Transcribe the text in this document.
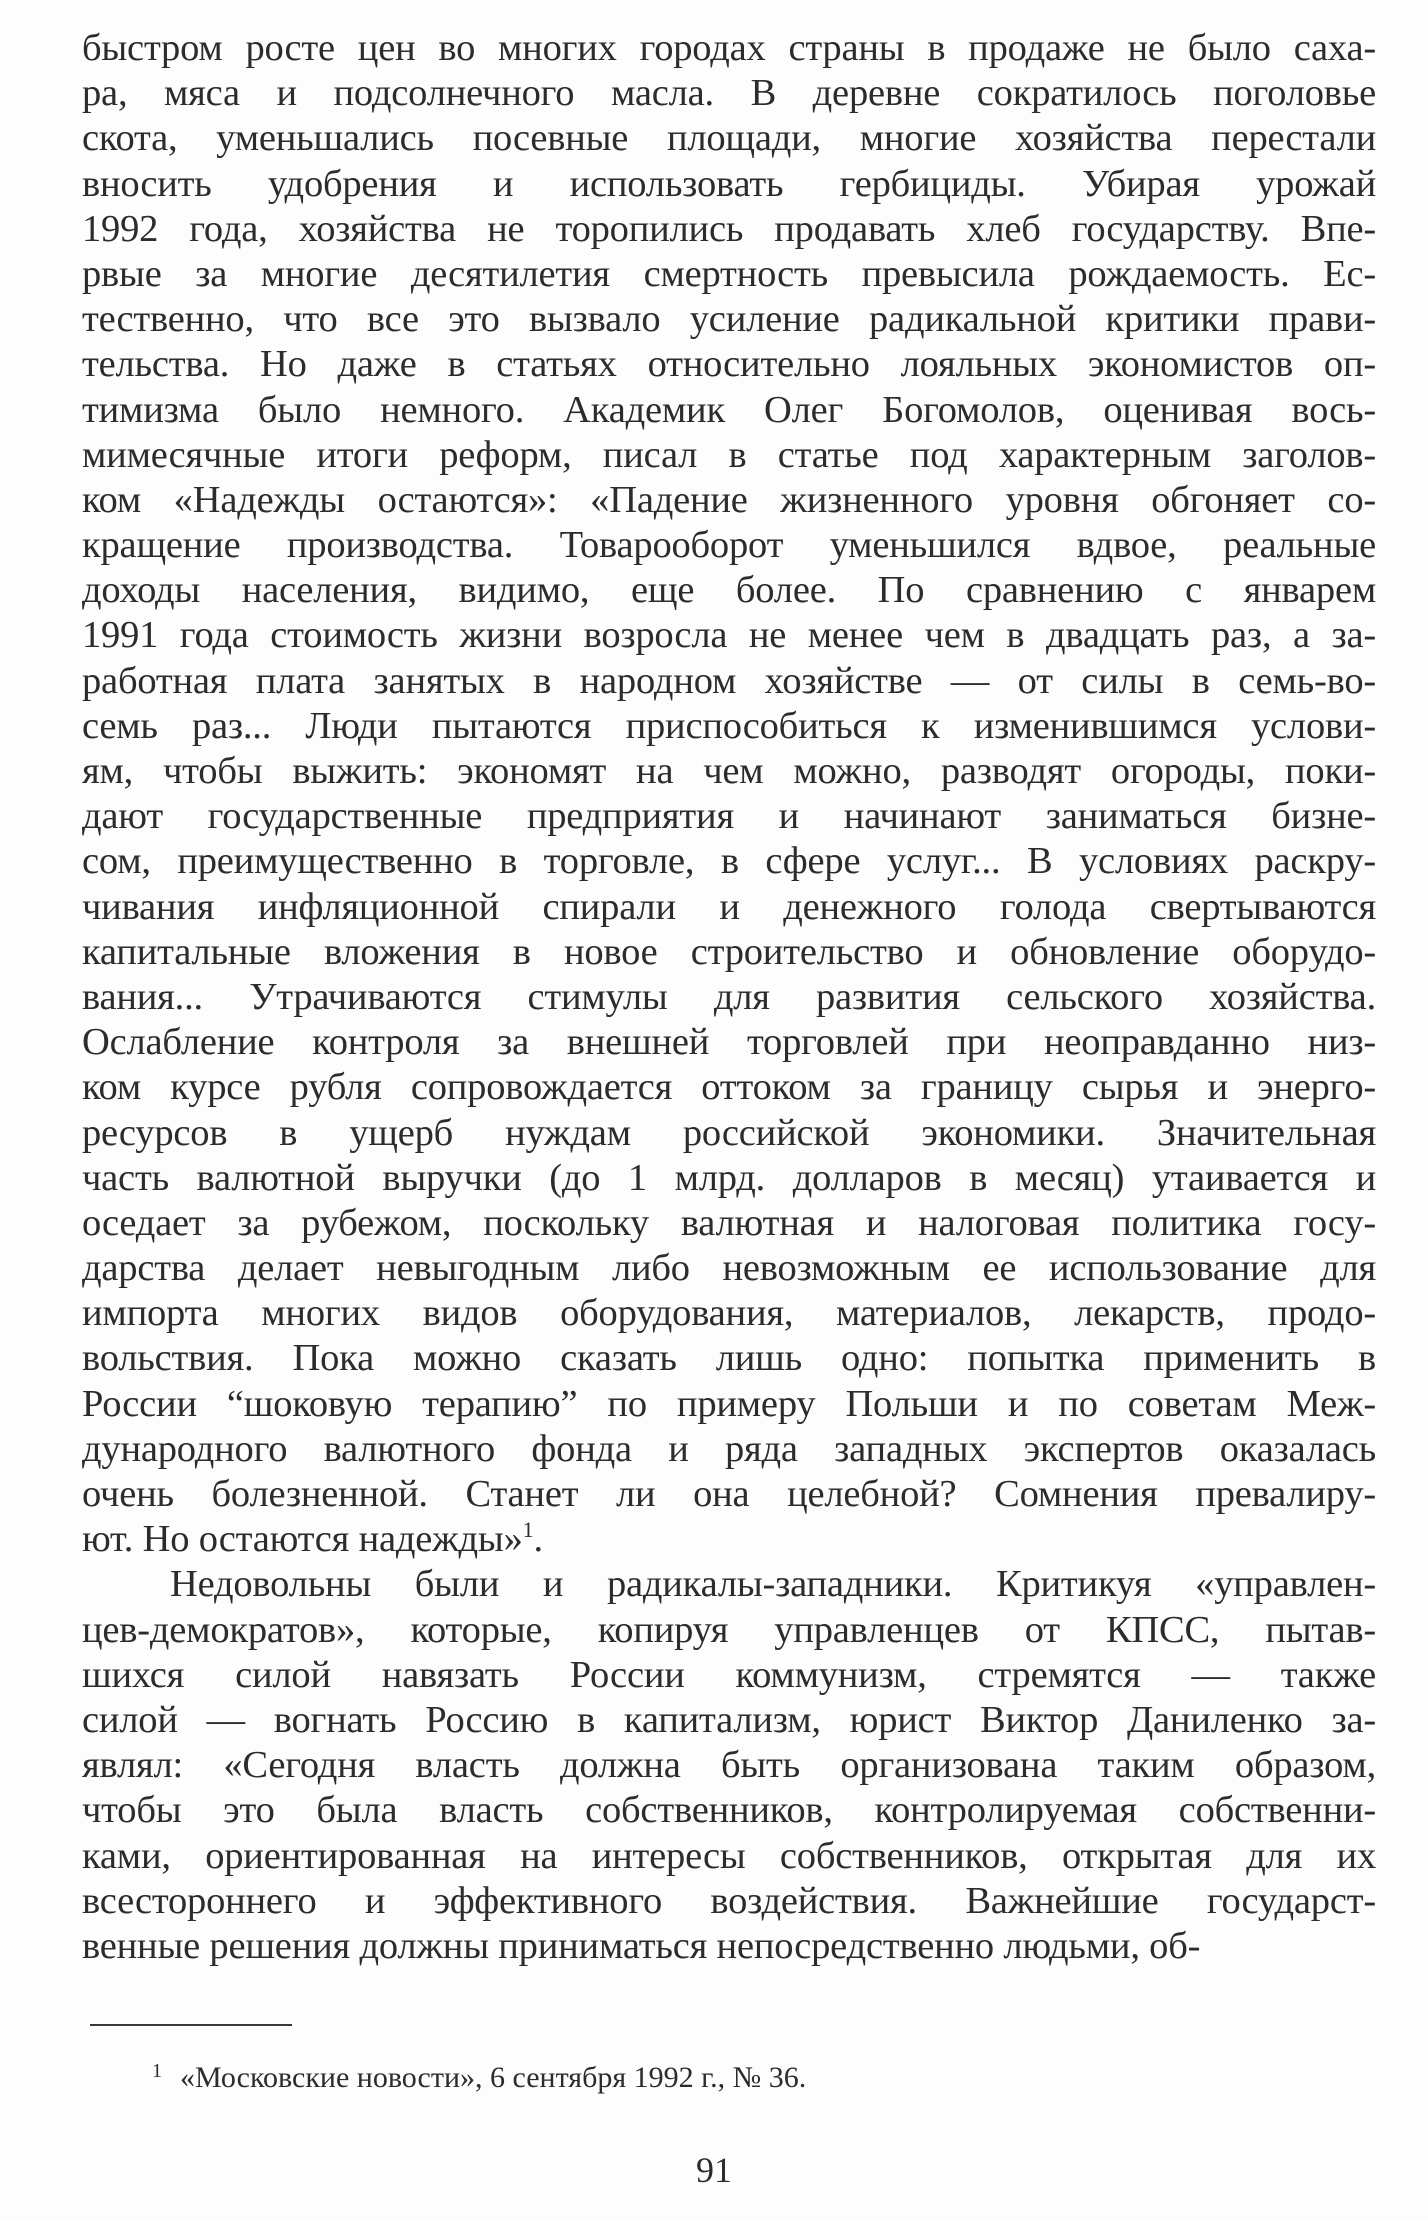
быстром росте цен во многих городах страны в продаже не было саха-
ра, мяса и подсолнечного масла. В деревне сократилось поголовье
скота, уменьшались посевные площади, многие хозяйства перестали
вносить удобрения и использовать гербициды. Убирая урожай
1992 года, хозяйства не торопились продавать хлеб государству. Впе-
рвые за многие десятилетия смертность превысила рождаемость. Ес-
тественно, что все это вызвало усиление радикальной критики прави-
тельства. Но даже в статьях относительно лояльных экономистов оп-
тимизма было немного. Академик Олег Богомолов, оценивая вось-
мимесячные итоги реформ, писал в статье под характерным заголов-
ком «Надежды остаются»: «Падение жизненного уровня обгоняет со-
кращение производства. Товарооборот уменьшился вдвое, реальные
доходы населения, видимо, еще более. По сравнению с январем
1991 года стоимость жизни возросла не менее чем в двадцать раз, а за-
работная плата занятых в народном хозяйстве — от силы в семь-во-
семь раз... Люди пытаются приспособиться к изменившимся услови-
ям, чтобы выжить: экономят на чем можно, разводят огороды, поки-
дают государственные предприятия и начинают заниматься бизне-
сом, преимущественно в торговле, в сфере услуг... В условиях раскру-
чивания инфляционной спирали и денежного голода свертываются
капитальные вложения в новое строительство и обновление оборудо-
вания... Утрачиваются стимулы для развития сельского хозяйства.
Ослабление контроля за внешней торговлей при неоправданно низ-
ком курсе рубля сопровождается оттоком за границу сырья и энерго-
ресурсов в ущерб нуждам российской экономики. Значительная
часть валютной выручки (до 1 млрд. долларов в месяц) утаивается и
оседает за рубежом, поскольку валютная и налоговая политика госу-
дарства делает невыгодным либо невозможным ее использование для
импорта многих видов оборудования, материалов, лекарств, продо-
вольствия. Пока можно сказать лишь одно: попытка применить в
России “шоковую терапию” по примеру Польши и по советам Меж-
дународного валютного фонда и ряда западных экспертов оказалась
очень болезненной. Станет ли она целебной? Сомнения превалиру-
ют. Но остаются надежды»$^1$.
Недовольны были и радикалы-западники. Критикуя «управлен-
цев-демократов», которые, копируя управленцев от КПСС, пытав-
шихся силой навязать России коммунизм, стремятся — также
силой — вогнать Россию в капитализм, юрист Виктор Даниленко за-
являл: «Сегодня власть должна быть организована таким образом,
чтобы это была власть собственников, контролируемая собственни-
ками, ориентированная на интересы собственников, открытая для их
всестороннего и эффективного воздействия. Важнейшие государст-
венные решения должны приниматься непосредственно людьми, об-
$^1$ «Московские новости», 6 сентября 1992 г., № 36.
91
